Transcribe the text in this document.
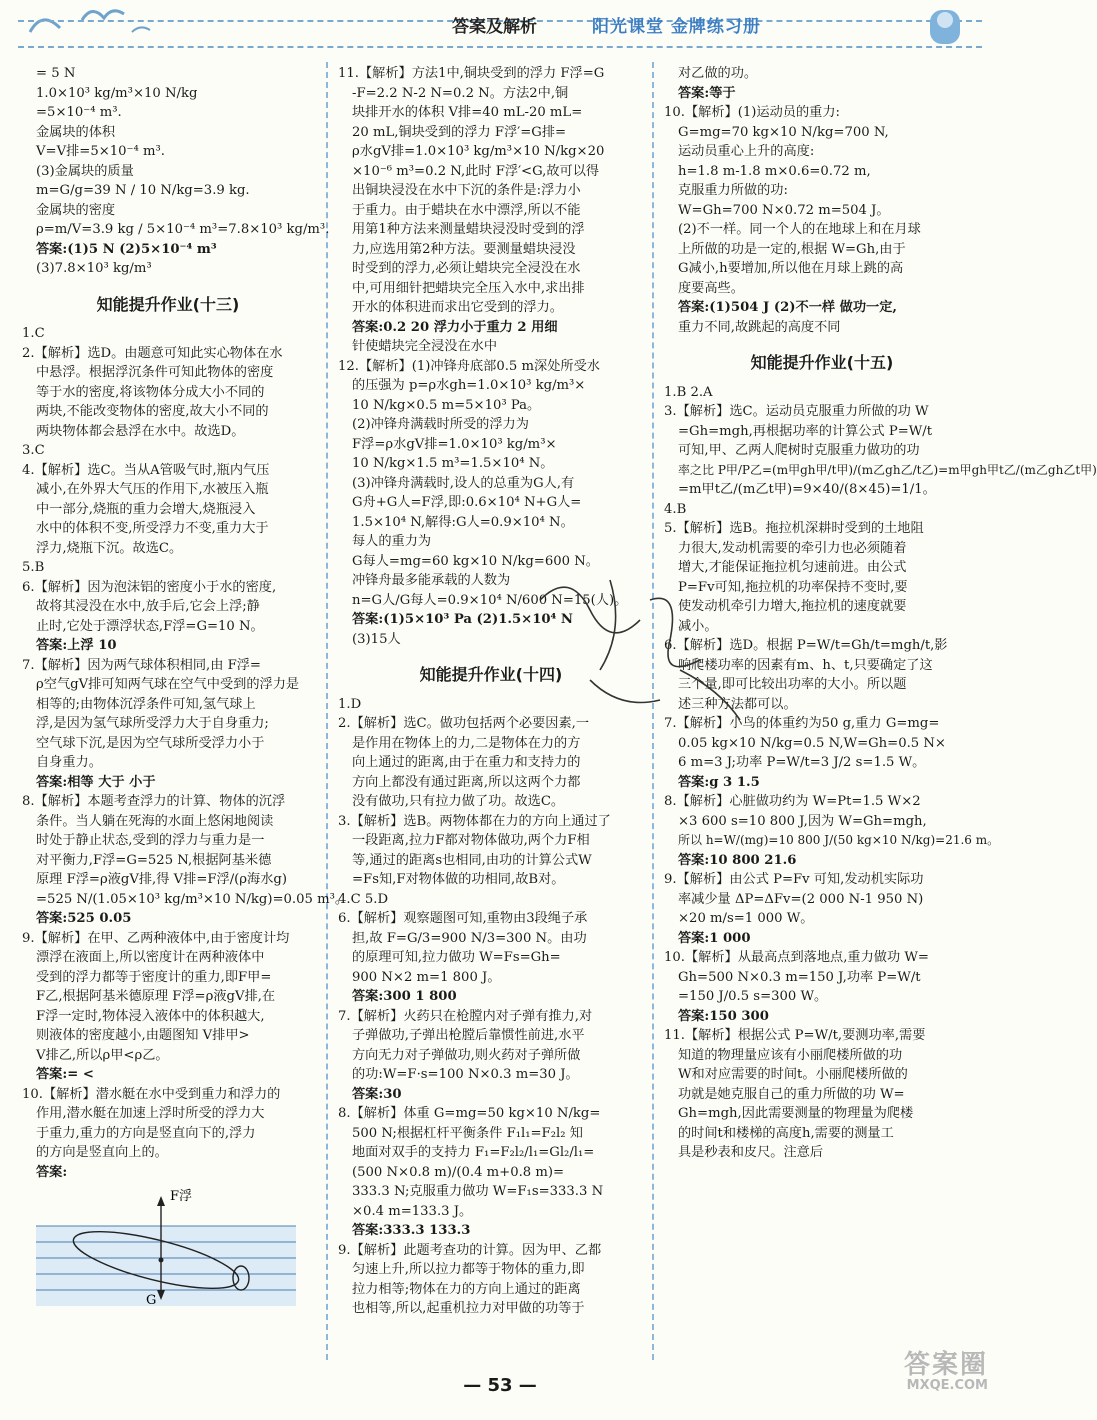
答案及解析	阳光课堂 金牌练习册
= 5 N
1.0×10³ kg/m³×10 N/kg
=5×10⁻⁴ m³.
金属块的体积
V=V排=5×10⁻⁴ m³.
(3)金属块的质量
m=G/g=39 N / 10 N/kg=3.9 kg.
金属块的密度
ρ=m/V=3.9 kg / 5×10⁻⁴ m³=7.8×10³ kg/m³.
答案:(1)5 N (2)5×10⁻⁴ m³
(3)7.8×10³ kg/m³
知能提升作业(十三)
1.C
2.【解析】选D。由题意可知此实心物体在水
中悬浮。根据浮沉条件可知此物体的密度
等于水的密度,将该物体分成大小不同的
两块,不能改变物体的密度,故大小不同的
两块物体都会悬浮在水中。故选D。
3.C
4.【解析】选C。当从A管吸气时,瓶内气压
减小,在外界大气压的作用下,水被压入瓶
中一部分,烧瓶的重力会增大,烧瓶浸入
水中的体积不变,所受浮力不变,重力大于
浮力,烧瓶下沉。故选C。
5.B
6.【解析】因为泡沫铝的密度小于水的密度,
故将其浸没在水中,放手后,它会上浮;静
止时,它处于漂浮状态,F浮=G=10 N。
答案:上浮 10
7.【解析】因为两气球体积相同,由 F浮=
ρ空气gV排可知两气球在空气中受到的浮力是
相等的;由物体沉浮条件可知,氢气球上
浮,是因为氢气球所受浮力大于自身重力;
空气球下沉,是因为空气球所受浮力小于
自身重力。
答案:相等 大于 小于
8.【解析】本题考查浮力的计算、物体的沉浮
条件。当人躺在死海的水面上悠闲地阅读
时处于静止状态,受到的浮力与重力是一
对平衡力,F浮=G=525 N,根据阿基米德
原理 F浮=ρ液gV排,得 V排=F浮/(ρ海水g)
=525 N/(1.05×10³ kg/m³×10 N/kg)=0.05 m³。
答案:525 0.05
9.【解析】在甲、乙两种液体中,由于密度计均
漂浮在液面上,所以密度计在两种液体中
受到的浮力都等于密度计的重力,即F甲=
F乙,根据阿基米德原理 F浮=ρ液gV排,在
F浮一定时,物体浸入液体中的体积越大,
则液体的密度越小,由题图知 V排甲>
V排乙,所以ρ甲<ρ乙。
答案:= <
10.【解析】潜水艇在水中受到重力和浮力的
作用,潜水艇在加速上浮时所受的浮力大
于重力,重力的方向是竖直向下的,浮力
的方向是竖直向上的。
答案:
F浮
G
11.【解析】方法1中,铜块受到的浮力 F浮=G
-F=2.2 N-2 N=0.2 N。方法2中,铜
块排开水的体积 V排=40 mL-20 mL=
20 mL,铜块受到的浮力 F浮′=G排=
ρ水gV排=1.0×10³ kg/m³×10 N/kg×20
×10⁻⁶ m³=0.2 N,此时 F浮′<G,故可以得
出铜块浸没在水中下沉的条件是:浮力小
于重力。由于蜡块在水中漂浮,所以不能
用第1种方法来测量蜡块浸没时受到的浮
力,应选用第2种方法。要测量蜡块浸没
时受到的浮力,必须让蜡块完全浸没在水
中,可用细针把蜡块完全压入水中,求出排
开水的体积进而求出它受到的浮力。
答案:0.2 20 浮力小于重力 2 用细
针使蜡块完全浸没在水中
12.【解析】(1)冲锋舟底部0.5 m深处所受水
的压强为 p=ρ水gh=1.0×10³ kg/m³×
10 N/kg×0.5 m=5×10³ Pa。
(2)冲锋舟满载时所受的浮力为
F浮=ρ水gV排=1.0×10³ kg/m³×
10 N/kg×1.5 m³=1.5×10⁴ N。
(3)冲锋舟满载时,设人的总重为G人,有
G舟+G人=F浮,即:0.6×10⁴ N+G人=
1.5×10⁴ N,解得:G人=0.9×10⁴ N。
每人的重力为
G每人=mg=60 kg×10 N/kg=600 N。
冲锋舟最多能承载的人数为
n=G人/G每人=0.9×10⁴ N/600 N=15(人)。
答案:(1)5×10³ Pa (2)1.5×10⁴ N
(3)15人
知能提升作业(十四)
1.D
2.【解析】选C。做功包括两个必要因素,一
是作用在物体上的力,二是物体在力的方
向上通过的距离,由于在重力和支持力的
方向上都没有通过距离,所以这两个力都
没有做功,只有拉力做了功。故选C。
3.【解析】选B。两物体都在力的方向上通过了
一段距离,拉力F都对物体做功,两个力F相
等,通过的距离s也相同,由功的计算公式W
=Fs知,F对物体做的功相同,故B对。
4.C 5.D
6.【解析】观察题图可知,重物由3段绳子承
担,故 F=G/3=900 N/3=300 N。由功
的原理可知,拉力做功 W=Fs=Gh=
900 N×2 m=1 800 J。
答案:300 1 800
7.【解析】火药只在枪膛内对子弹有推力,对
子弹做功,子弹出枪膛后靠惯性前进,水平
方向无力对子弹做功,则火药对子弹所做
的功:W=F·s=100 N×0.3 m=30 J。
答案:30
8.【解析】体重 G=mg=50 kg×10 N/kg=
500 N;根据杠杆平衡条件 F₁l₁=F₂l₂ 知
地面对双手的支持力 F₁=F₂l₂/l₁=Gl₂/l₁=
(500 N×0.8 m)/(0.4 m+0.8 m)=
333.3 N;克服重力做功 W=F₁s=333.3 N
×0.4 m=133.3 J。
答案:333.3 133.3
9.【解析】此题考查功的计算。因为甲、乙都
匀速上升,所以拉力都等于物体的重力,即
拉力相等;物体在力的方向上通过的距离
也相等,所以,起重机拉力对甲做的功等于
对乙做的功。
答案:等于
10.【解析】(1)运动员的重力:
G=mg=70 kg×10 N/kg=700 N,
运动员重心上升的高度:
h=1.8 m-1.8 m×0.6=0.72 m,
克服重力所做的功:
W=Gh=700 N×0.72 m=504 J。
(2)不一样。同一个人的在地球上和在月球
上所做的功是一定的,根据 W=Gh,由于
G减小,h要增加,所以他在月球上跳的高
度要高些。
答案:(1)504 J (2)不一样 做功一定,
重力不同,故跳起的高度不同
知能提升作业(十五)
1.B 2.A
3.【解析】选C。运动员克服重力所做的功 W
=Gh=mgh,再根据功率的计算公式 P=W/t
可知,甲、乙两人爬树时克服重力做功的功
率之比 P甲/P乙=(m甲gh甲/t甲)/(m乙gh乙/t乙)=m甲gh甲t乙/(m乙gh乙t甲)
=m甲t乙/(m乙t甲)=9×40/(8×45)=1/1。
4.B
5.【解析】选B。拖拉机深耕时受到的土地阻
力很大,发动机需要的牵引力也必须随着
增大,才能保证拖拉机匀速前进。由公式
P=Fv可知,拖拉机的功率保持不变时,要
使发动机牵引力增大,拖拉机的速度就要
减小。
6.【解析】选D。根据 P=W/t=Gh/t=mgh/t,影
响爬楼功率的因素有m、h、t,只要确定了这
三个量,即可比较出功率的大小。所以题
述三种方法都可以。
7.【解析】小鸟的体重约为50 g,重力 G=mg=
0.05 kg×10 N/kg=0.5 N,W=Gh=0.5 N×
6 m=3 J;功率 P=W/t=3 J/2 s=1.5 W。
答案:g 3 1.5
8.【解析】心脏做功约为 W=Pt=1.5 W×2
×3 600 s=10 800 J,因为 W=Gh=mgh,
所以 h=W/(mg)=10 800 J/(50 kg×10 N/kg)=21.6 m。
答案:10 800 21.6
9.【解析】由公式 P=Fv 可知,发动机实际功
率减少量 ΔP=ΔFv=(2 000 N-1 950 N)
×20 m/s=1 000 W。
答案:1 000
10.【解析】从最高点到落地点,重力做功 W=
Gh=500 N×0.3 m=150 J,功率 P=W/t
=150 J/0.5 s=300 W。
答案:150 300
11.【解析】根据公式 P=W/t,要测功率,需要
知道的物理量应该有小丽爬楼所做的功
W和对应需要的时间t。小丽爬楼所做的
功就是她克服自己的重力所做的功 W=
Gh=mgh,因此需要测量的物理量为爬楼
的时间t和楼梯的高度h,需要的测量工
具是秒表和皮尺。注意后
— 53 —
答案圈
MXQE.COM
